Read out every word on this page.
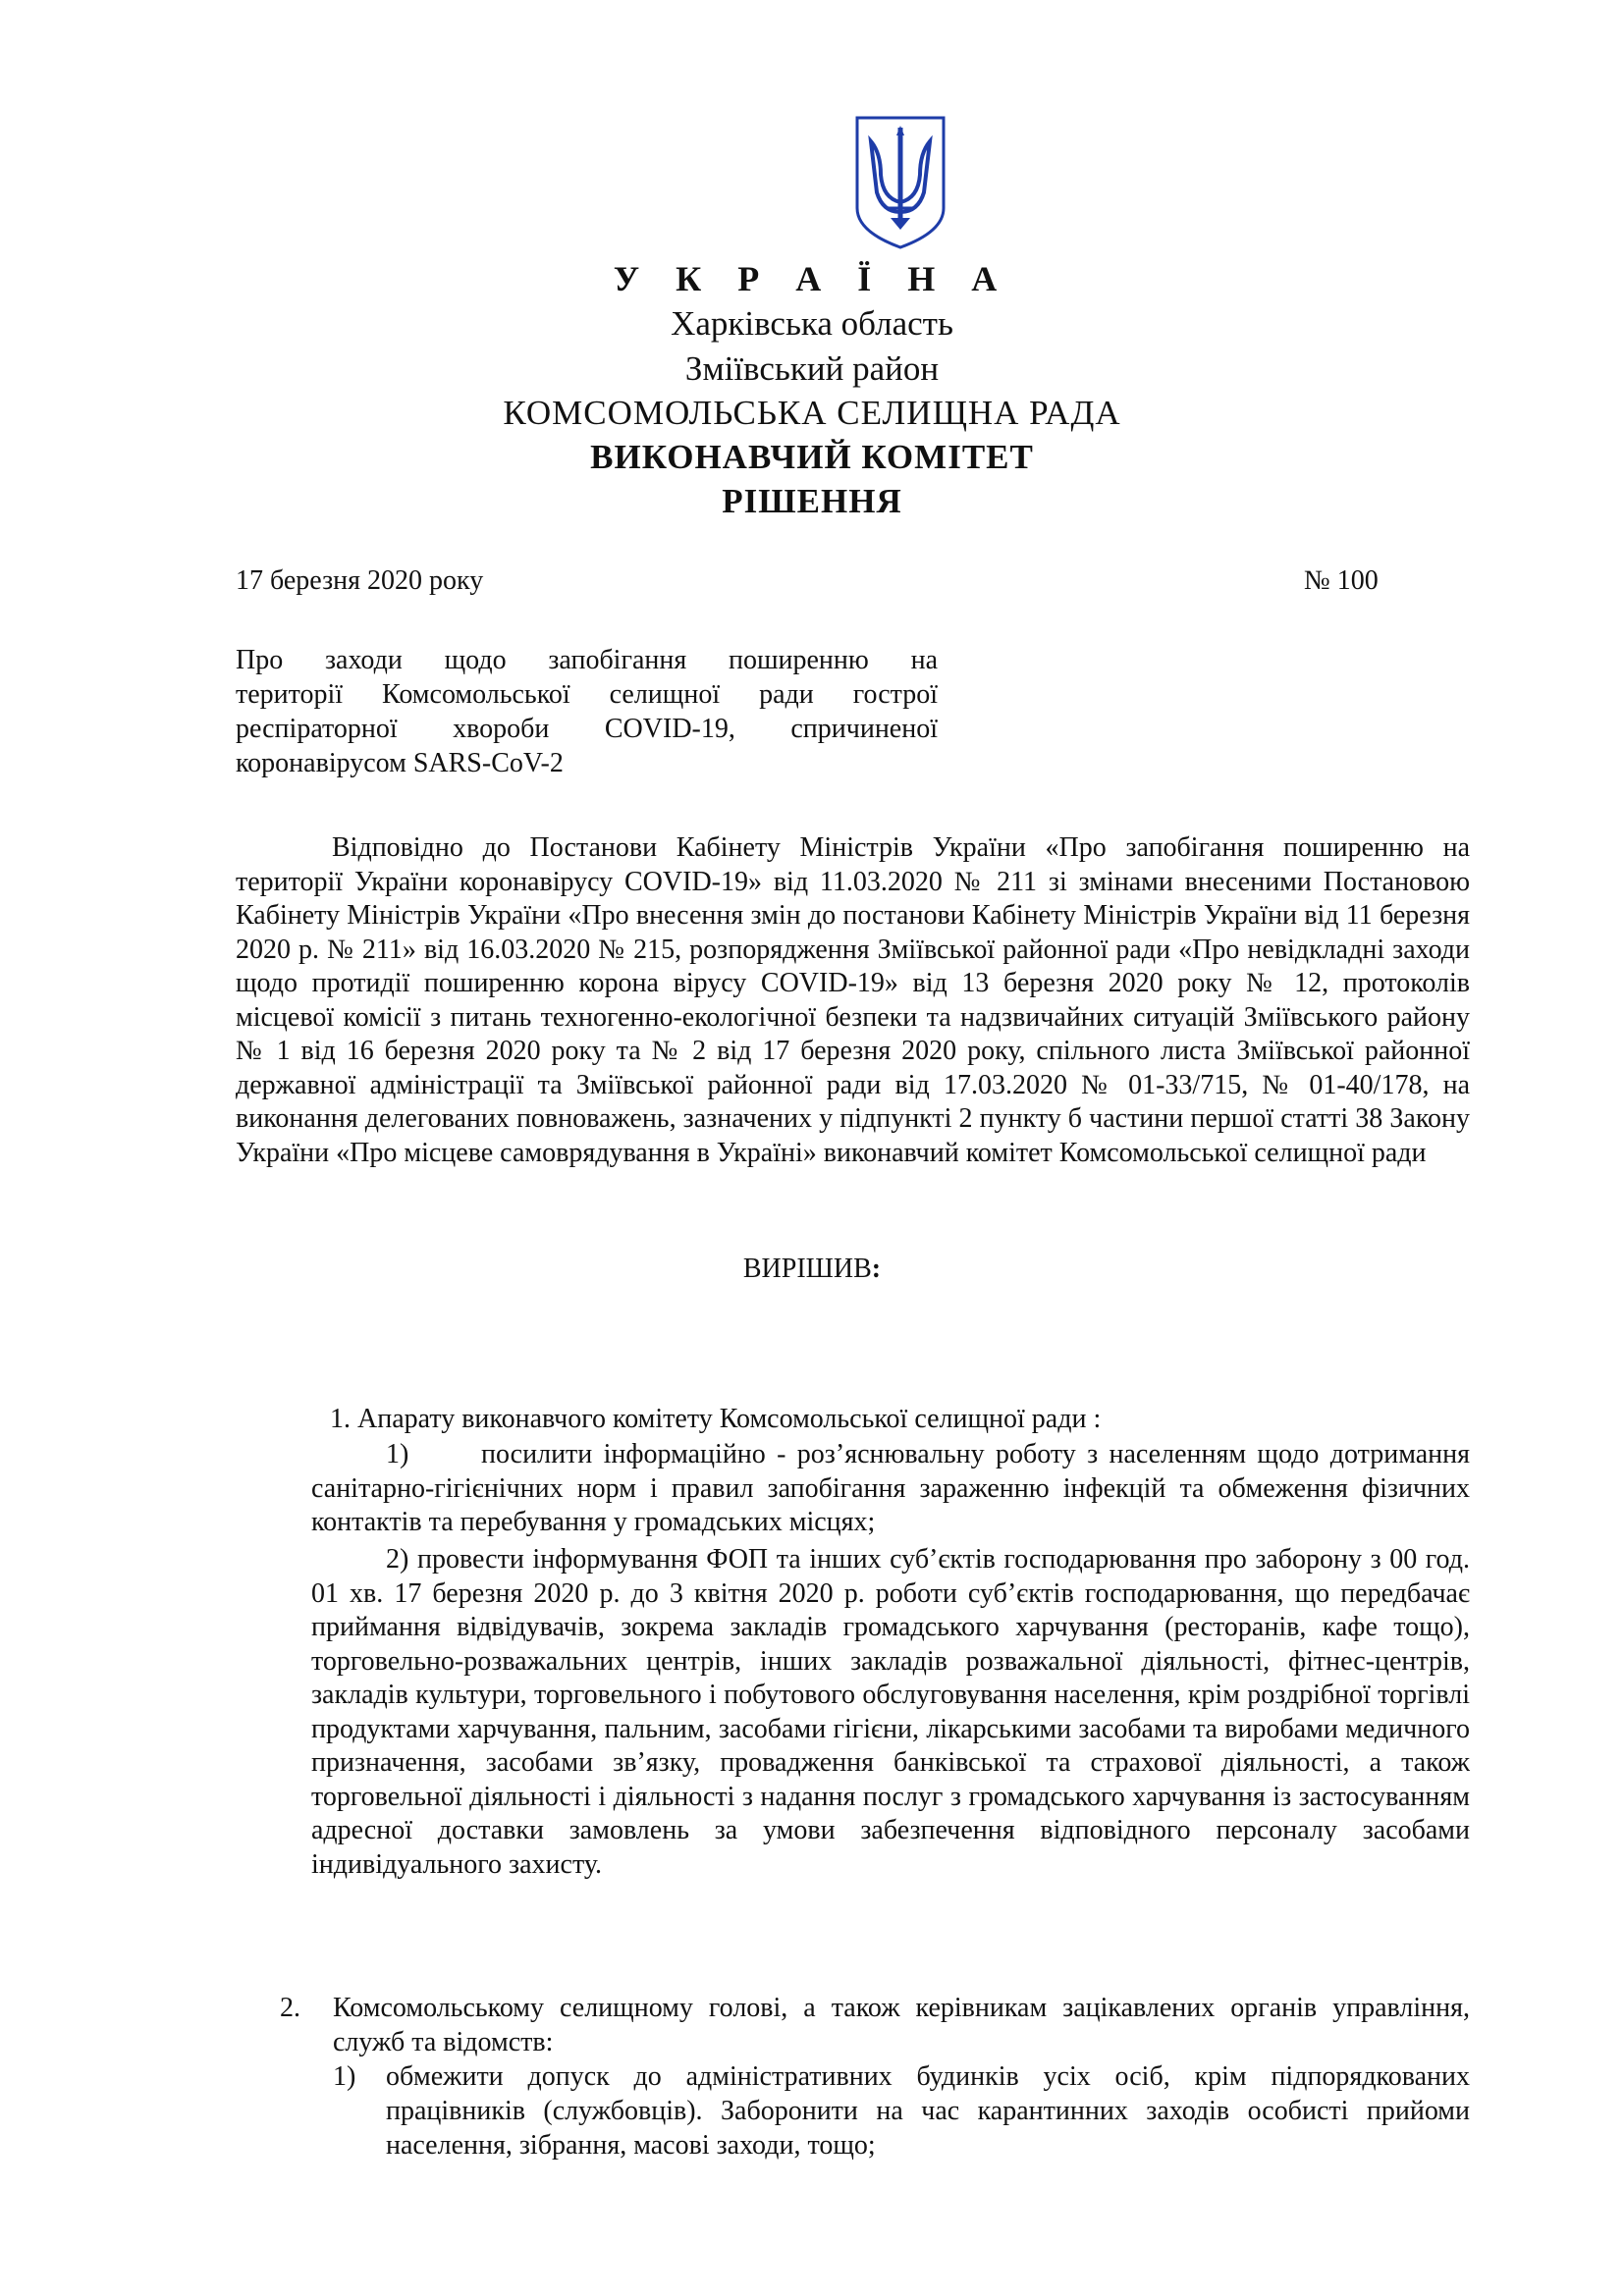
У К Р А Ї Н А
Харківська область
Зміївський район
КОМСОМОЛЬСЬКА СЕЛИЩНА РАДА
ВИКОНАВЧИЙ КОМІТЕТ
РІШЕННЯ
17 березня 2020 року	№ 100
Про заходи щодо запобігання поширенню на
території Комсомольської селищної ради гострої
респіраторної хвороби COVID-19, спричиненої
коронавірусом SARS-CoV-2
Відповідно до Постанови Кабінету Міністрів України «Про запобігання поширенню на території України коронавірусу COVID-19» від 11.03.2020 № 211 зі змінами внесеними Постановою Кабінету Міністрів України «Про внесення змін до постанови Кабінету Міністрів України від 11 березня 2020 р. № 211» від 16.03.2020 № 215, розпорядження Зміївської районної ради «Про невідкладні заходи щодо протидії поширенню корона вірусу COVID-19» від 13 березня 2020 року № 12, протоколів місцевої комісії з питань техногенно-екологічної безпеки та надзвичайних ситуацій Зміївського району № 1 від 16 березня 2020 року та № 2 від 17 березня 2020 року, спільного листа Зміївської районної державної адміністрації та Зміївської районної ради від 17.03.2020 № 01-33/715, № 01-40/178, на виконання делегованих повноважень, зазначених у підпункті 2 пункту б частини першої статті 38 Закону України «Про місцеве самоврядування в Україні» виконавчий комітет Комсомольської селищної ради
ВИРІШИВ:
1. Апарату виконавчого комітету Комсомольської селищної ради :
1)	посилити інформаційно - роз’яснювальну роботу з населенням щодо дотримання санітарно-гігієнічних норм і правил запобігання зараженню інфекцій та обмеження фізичних контактів та перебування у громадських місцях;
2) провести інформування ФОП та інших суб’єктів господарювання про заборону з 00 год. 01 хв. 17 березня 2020 р. до 3 квітня 2020 р. роботи суб’єктів господарювання, що передбачає приймання відвідувачів, зокрема закладів громадського харчування (ресторанів, кафе тощо), торговельно-розважальних центрів, інших закладів розважальної діяльності, фітнес-центрів, закладів культури, торговельного і побутового обслуговування населення, крім роздрібної торгівлі продуктами харчування, пальним, засобами гігієни, лікарськими засобами та виробами медичного призначення, засобами зв’язку, провадження банківської та страхової діяльності, а також торговельної діяльності і діяльності з надання послуг з громадського харчування із застосуванням адресної доставки замовлень за умови забезпечення відповідного персоналу засобами індивідуального захисту.
2. Комсомольському селищному голові, а також керівникам зацікавлених органів управління, служб та відомств:
1) обмежити допуск до адміністративних будинків усіх осіб, крім підпорядкованих працівників (службовців). Заборонити на час карантинних заходів особисті прийоми населення, зібрання, масові заходи, тощо;
